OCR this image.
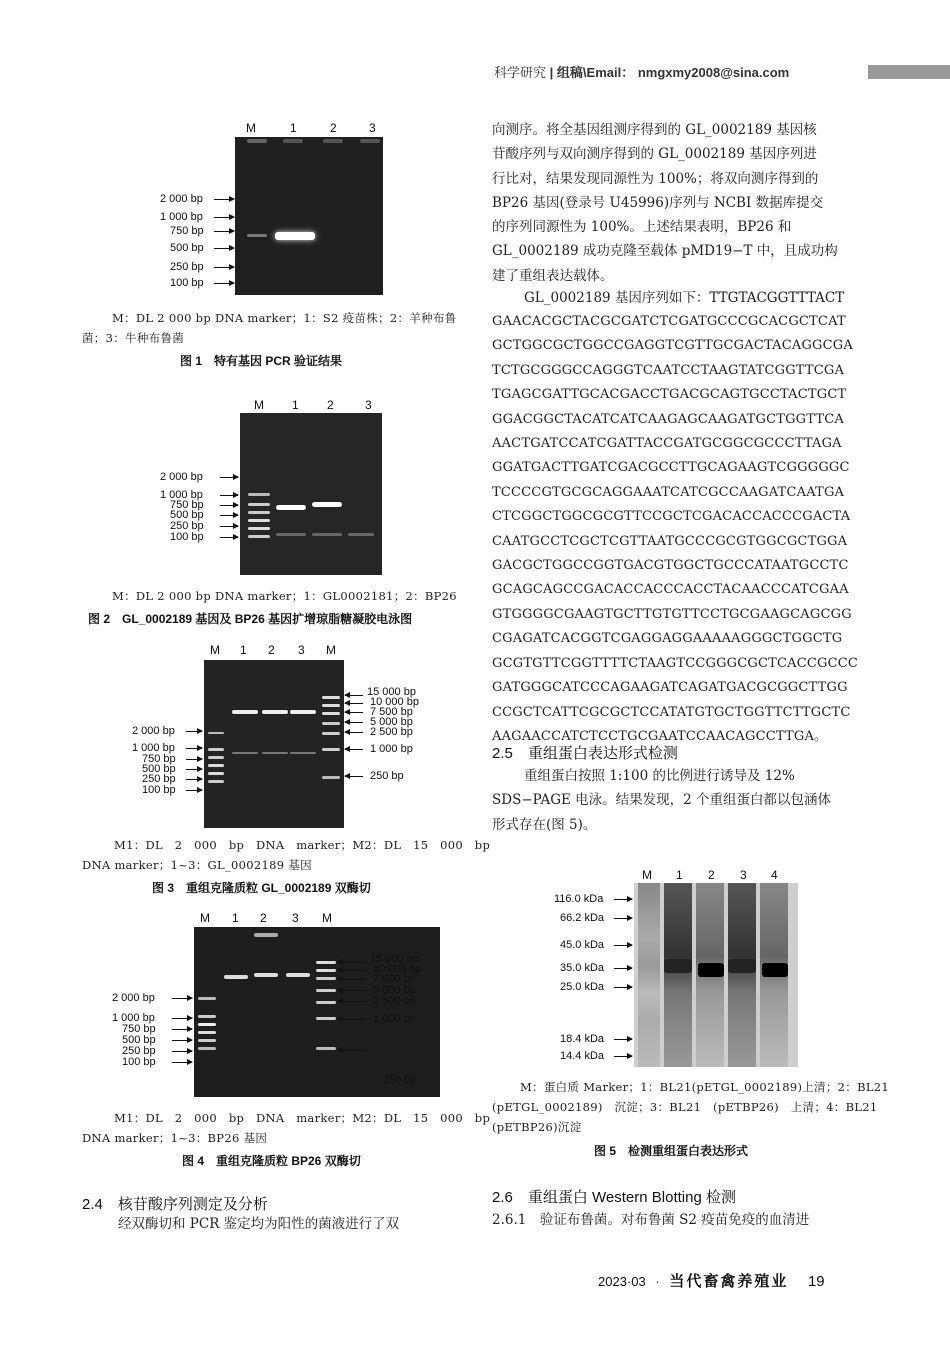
科学研究 | 组稿\Email： nmgxmy2008@sina.com
M	1	2	3
2 000 bp
1 000 bp
750 bp
500 bp
250 bp
100 bp
M：DL 2 000 bp DNA marker；1：S2 疫苗株；2：羊种布鲁
菌；3：牛种布鲁菌
图 1　特有基因 PCR 验证结果
M 1 2	3
2 000 bp
1 000 bp
750 bp
500 bp
250 bp
100 bp
M：DL 2 000 bp DNA marker；1：GL0002181；2：BP26
图 2　GL_0002189 基因及 BP26 基因扩增琼脂糖凝胶电泳图
M 1 2 3 M
2 000 bp
1 000 bp
750 bp
500 bp
250 bp
100 bp
15 000 bp
10 000 bp
7 500 bp
5 000 bp
2 500 bp
1 000 bp
250 bp
M1：DL　2　000　bp　DNA　marker；M2：DL　15　000　bp
DNA marker；1~3：GL_0002189 基因
图 3　重组克隆质粒 GL_0002189 双酶切
M 1 2 3 M
2 000 bp
1 000 bp
750 bp
500 bp
250 bp
100 bp
15 000 bp
10 000 bp
7 500 bp
5 000 bp
2 500 bp
1 000 bp
250 bp
M1：DL　2　000　bp　DNA　marker；M2：DL　15　000　bp
DNA marker；1~3：BP26 基因
图 4　重组克隆质粒 BP26 双酶切
2.4　核苷酸序列测定及分析
经双酶切和 PCR 鉴定均为阳性的菌液进行了双
向测序。将全基因组测序得到的 GL_0002189 基因核
苷酸序列与双向测序得到的 GL_0002189 基因序列进
行比对，结果发现同源性为 100%；将双向测序得到的
BP26 基因(登录号 U45996)序列与 NCBI 数据库提交
的序列同源性为 100%。上述结果表明，BP26 和
GL_0002189 成功克隆至载体 pMD19−T 中，且成功构
建了重组表达载体。
GL_0002189 基因序列如下：TTGTACGGTTTACT
GAACACGCTACGCGATCTCGATGCCCGCACGCTCAT
GCTGGCGCTGGCCGAGGTCGTTGCGACTACAGGCGA
TCTGCGGGCCAGGGTCAATCCTAAGTATCGGTTCGA
TGAGCGATTGCACGACCTGACGCAGTGCCTACTGCT
GGACGGCTACATCATCAAGAGCAAGATGCTGGTTCA
AACTGATCCATCGATTACCGATGCGGCGCCCTTAGA
GGATGACTTGATCGACGCCTTGCAGAAGTCGGGGGC
TCCCCGTGCGCAGGAAATCATCGCCAAGATCAATGA
CTCGGCTGGCGCGTTCCGCTCGACACCACCCGACTA
CAATGCCTCGCTCGTTAATGCCCGCGTGGCGCTGGA
GACGCTGGCCGGTGACGTGGCTGCCCATAATGCCTC
GCAGCAGCCGACACCACCCACCTACAACCCATCGAA
GTGGGGCGAAGTGCTTGTGTTCCTGCGAAGCAGCGG
CGAGATCACGGTCGAGGAGGAAAAAGGGCTGGCTG
GCGTGTTCGGTTTTCTAAGTCCGGGCGCTCACCGCCC
GATGGGCATCCCAGAAGATCAGATGACGCGGCTTGG
CCGCTCATTCGCGCTCCATATGTGCTGGTTCTTGCTC
AAGAACCATCTCCTGCGAATCCAACAGCCTTGA。
2.5　重组蛋白表达形式检测
重组蛋白按照 1:100 的比例进行诱导及 12%
SDS−PAGE 电泳。结果发现，2 个重组蛋白都以包涵体
形式存在(图 5)。
M 1 2 3 4
116.0 kDa
66.2 kDa
45.0 kDa
35.0 kDa
25.0 kDa
18.4 kDa
14.4 kDa
M：蛋白质 Marker；1：BL21(pETGL_0002189)上清；2：BL21
(pETGL_0002189)　沉淀；3：BL21　(pETBP26)　上清；4：BL21
(pETBP26)沉淀
图 5　检测重组蛋白表达形式
2.6　重组蛋白 Western Blotting 检测
2.6.1　验证布鲁菌。对布鲁菌 S2 疫苗免疫的血清进
2023·03 · 当代畜禽养殖业 19
